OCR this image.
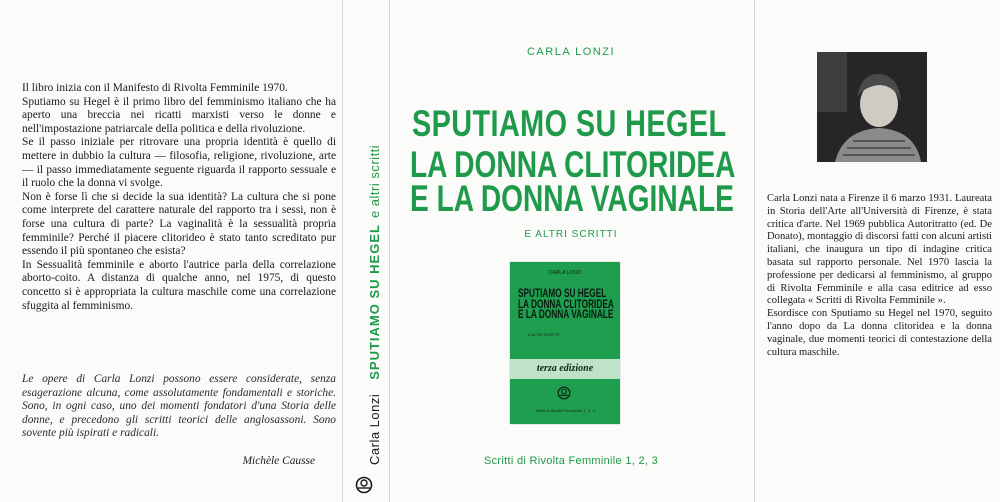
Il libro inizia con il Manifesto di Rivolta Femminile 1970.

Sputiamo su Hegel è il primo libro del femminismo italiano che ha aperto una breccia nei ricatti marxisti verso le donne e nell'impostazione patriarcale della politica e della rivoluzione.

Se il passo iniziale per ritrovare una propria identità è quello di mettere in dubbio la cultura — filosofia, religione, rivoluzione, arte — il passo immediatamente seguente riguarda il rapporto sessuale e il ruolo che la donna vi svolge.

Non è forse lì che si decide la sua identità? La cultura che si pone come interprete del carattere naturale del rapporto tra i sessi, non è forse una cultura di parte? La vaginalità è la sessualità propria femminile? Perché il piacere clitorideo è stato tanto screditato pur essendo il più spontaneo che esista?

In Sessualità femminile e aborto l'autrice parla della correlazione aborto-coito. A distanza di qualche anno, nel 1975, di questo concetto si è appropriata la cultura maschile come una correlazione sfuggita al femminismo.

Le opere di Carla Lonzi possono essere considerate, senza esagerazione alcuna, come assolutamente fondamentali e storiche. Sono, in ogni caso, uno dei momenti fondatori d'una Storia delle donne, e precedono gli scritti teorici delle anglosassoni. Sono sovente più ispirati e radicali.
Michèle Causse	Carla LonziSPUTIAMO SU HEGELe altri scritti
CARLA LONZI
SPUTIAMO SU HEGEL
LA DONNA CLITORIDEA
E LA DONNA VAGINALE
E ALTRI SCRITTI
CARLA LONZI
SPUTIAMO SU HEGEL
LA DONNA CLITORIDEA
E LA DONNA VAGINALE
E ALTRI SCRITTI
terza edizione
Scritti di Rivolta Femminile 1, 2, 3
Scritti di Rivolta Femminile 1, 2, 3

Carla Lonzi nata a Firenze il 6 marzo 1931. Laureata in Storia dell'Arte all'Università di Firenze, è stata critica d'arte. Nel 1969 pubblica Autoritratto (ed. De Donato), montaggio di discorsi fatti con alcuni artisti italiani, che inaugura un tipo di indagine critica basata sul rapporto personale. Nel 1970 lascia la professione per dedicarsi al femminismo, al gruppo di Rivolta Femminile e alla casa editrice ad esso collegata « Scritti di Rivolta Femminile ».

Esordisce con Sputiamo su Hegel nel 1970, seguito l'anno dopo da La donna clitoridea e la donna vaginale, due momenti teorici di contestazione della cultura maschile.
